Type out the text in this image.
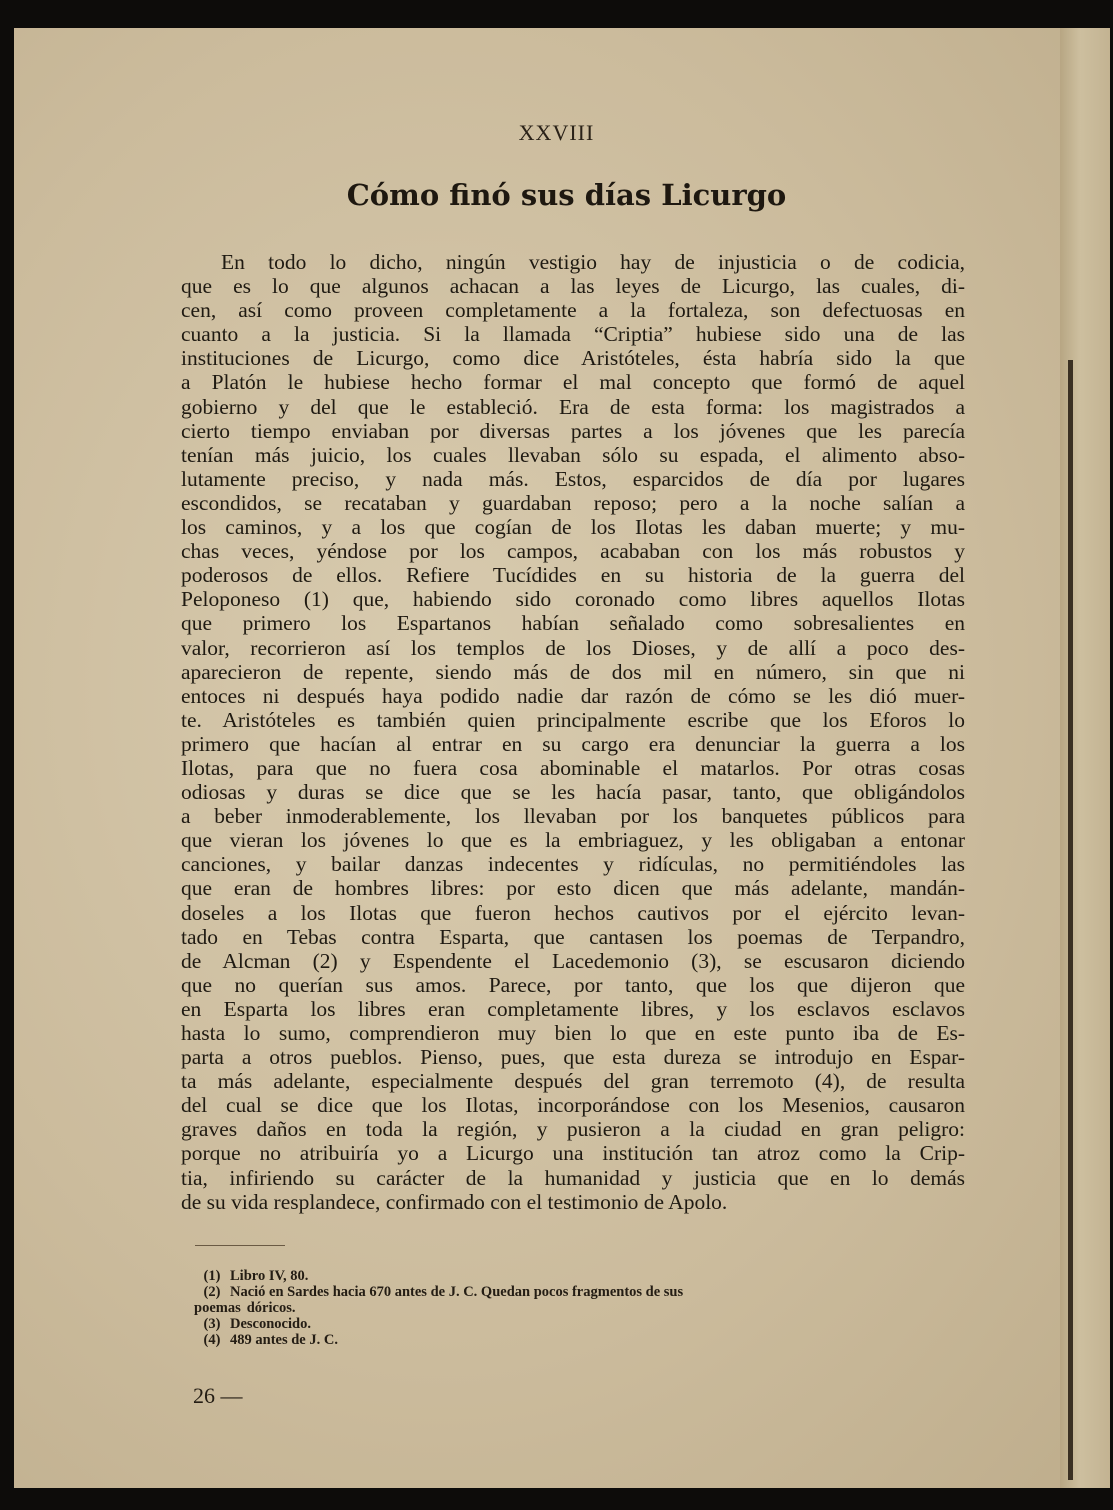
XXVIII
Cómo finó sus días Licurgo
En todo lo dicho, ningún vestigio hay de injusticia o de codicia,
que es lo que algunos achacan a las leyes de Licurgo, las cuales, di-
cen, así como proveen completamente a la fortaleza, son defectuosas en
cuanto a la justicia. Si la llamada “Criptia” hubiese sido una de las
instituciones de Licurgo, como dice Aristóteles, ésta habría sido la que
a Platón le hubiese hecho formar el mal concepto que formó de aquel
gobierno y del que le estableció. Era de esta forma: los magistrados a
cierto tiempo enviaban por diversas partes a los jóvenes que les parecía
tenían más juicio, los cuales llevaban sólo su espada, el alimento abso-
lutamente preciso, y nada más. Estos, esparcidos de día por lugares
escondidos, se recataban y guardaban reposo; pero a la noche salían a
los caminos, y a los que cogían de los Ilotas les daban muerte; y mu-
chas veces, yéndose por los campos, acababan con los más robustos y
poderosos de ellos. Refiere Tucídides en su historia de la guerra del
Peloponeso (1) que, habiendo sido coronado como libres aquellos Ilotas
que primero los Espartanos habían señalado como sobresalientes en
valor, recorrieron así los templos de los Dioses, y de allí a poco des-
aparecieron de repente, siendo más de dos mil en número, sin que ni
entoces ni después haya podido nadie dar razón de cómo se les dió muer-
te. Aristóteles es también quien principalmente escribe que los Eforos lo
primero que hacían al entrar en su cargo era denunciar la guerra a los
Ilotas, para que no fuera cosa abominable el matarlos. Por otras cosas
odiosas y duras se dice que se les hacía pasar, tanto, que obligándolos
a beber inmoderablemente, los llevaban por los banquetes públicos para
que vieran los jóvenes lo que es la embriaguez, y les obligaban a entonar
canciones, y bailar danzas indecentes y ridículas, no permitiéndoles las
que eran de hombres libres: por esto dicen que más adelante, mandán-
doseles a los Ilotas que fueron hechos cautivos por el ejército levan-
tado en Tebas contra Esparta, que cantasen los poemas de Terpandro,
de Alcman (2) y Espendente el Lacedemonio (3), se escusaron diciendo
que no querían sus amos. Parece, por tanto, que los que dijeron que
en Esparta los libres eran completamente libres, y los esclavos esclavos
hasta lo sumo, comprendieron muy bien lo que en este punto iba de Es-
parta a otros pueblos. Pienso, pues, que esta dureza se introdujo en Espar-
ta más adelante, especialmente después del gran terremoto (4), de resulta
del cual se dice que los Ilotas, incorporándose con los Mesenios, causaron
graves daños en toda la región, y pusieron a la ciudad en gran peligro:
porque no atribuiría yo a Licurgo una institución tan atroz como la Crip-
tia, infiriendo su carácter de la humanidad y justicia que en lo demás
de su vida resplandece, confirmado con el testimonio de Apolo.
(1) Libro IV, 80.
(2) Nació en Sardes hacia 670 antes de J. C. Quedan pocos fragmentos de sus
poemas dóricos.
(3) Desconocido.
(4) 489 antes de J. C.
26 —
